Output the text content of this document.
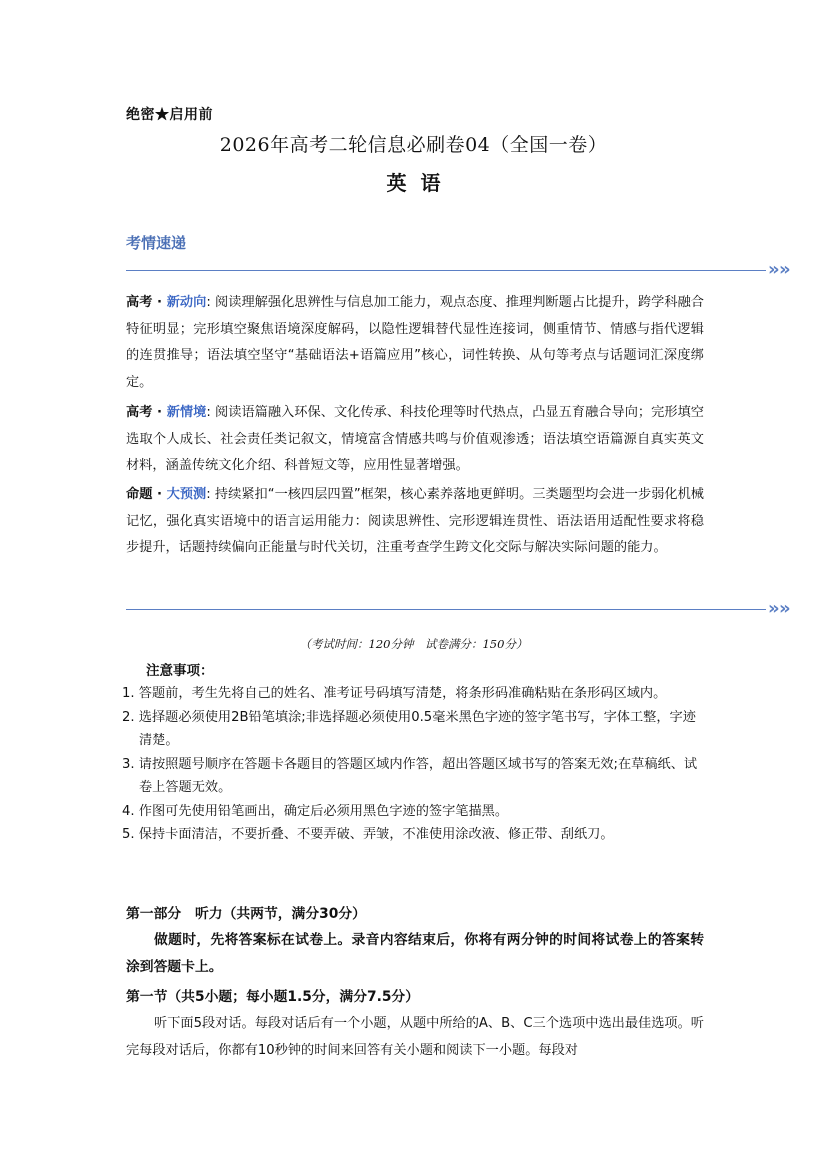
绝密★启用前
2026年高考二轮信息必刷卷04（全国一卷）
英语
考情速递
» »
高考 · 新动向: 阅读理解强化思辨性与信息加工能力，观点态度、推理判断题占比提升，跨学科融合特征明显；完形填空聚焦语境深度解码，以隐性逻辑替代显性连接词，侧重情节、情感与指代逻辑的连贯推导；语法填空坚守“基础语法+语篇应用”核心，词性转换、从句等考点与话题词汇深度绑定。
高考 · 新情境: 阅读语篇融入环保、文化传承、科技伦理等时代热点，凸显五育融合导向；完形填空选取个人成长、社会责任类记叙文，情境富含情感共鸣与价值观渗透；语法填空语篇源自真实英文材料，涵盖传统文化介绍、科普短文等，应用性显著增强。
命题 · 大预测: 持续紧扣“一核四层四置”框架，核心素养落地更鲜明。三类题型均会进一步弱化机械记忆，强化真实语境中的语言运用能力：阅读思辨性、完形逻辑连贯性、语法语用适配性要求将稳步提升，话题持续偏向正能量与时代关切，注重考查学生跨文化交际与解决实际问题的能力。
» »
（考试时间：120分钟　试卷满分：150分）
注意事项：

1. 答题前，考生先将自己的姓名、准考证号码填写清楚，将条形码准确粘贴在条形码区域内。

2. 选择题必须使用2B铅笔填涂;非选择题必须使用0.5毫米黑色字迹的签字笔书写，字体工整，字迹清楚。

3. 请按照题号顺序在答题卡各题目的答题区域内作答，超出答题区域书写的答案无效;在草稿纸、试卷上答题无效。

4. 作图可先使用铅笔画出，确定后必须用黑色字迹的签字笔描黑。

5. 保持卡面清洁，不要折叠、不要弄破、弄皱，不准使用涂改液、修正带、刮纸刀。

第一部分　听力（共两节，满分30分）
做题时，先将答案标在试卷上。录音内容结束后，你将有两分钟的时间将试卷上的答案转涂到答题卡上。
第一节（共5小题；每小题1.5分，满分7.5分）
听下面5段对话。每段对话后有一个小题，从题中所给的A、B、C三个选项中选出最佳选项。听完每段对话后，你都有10秒钟的时间来回答有关小题和阅读下一小题。每段对
